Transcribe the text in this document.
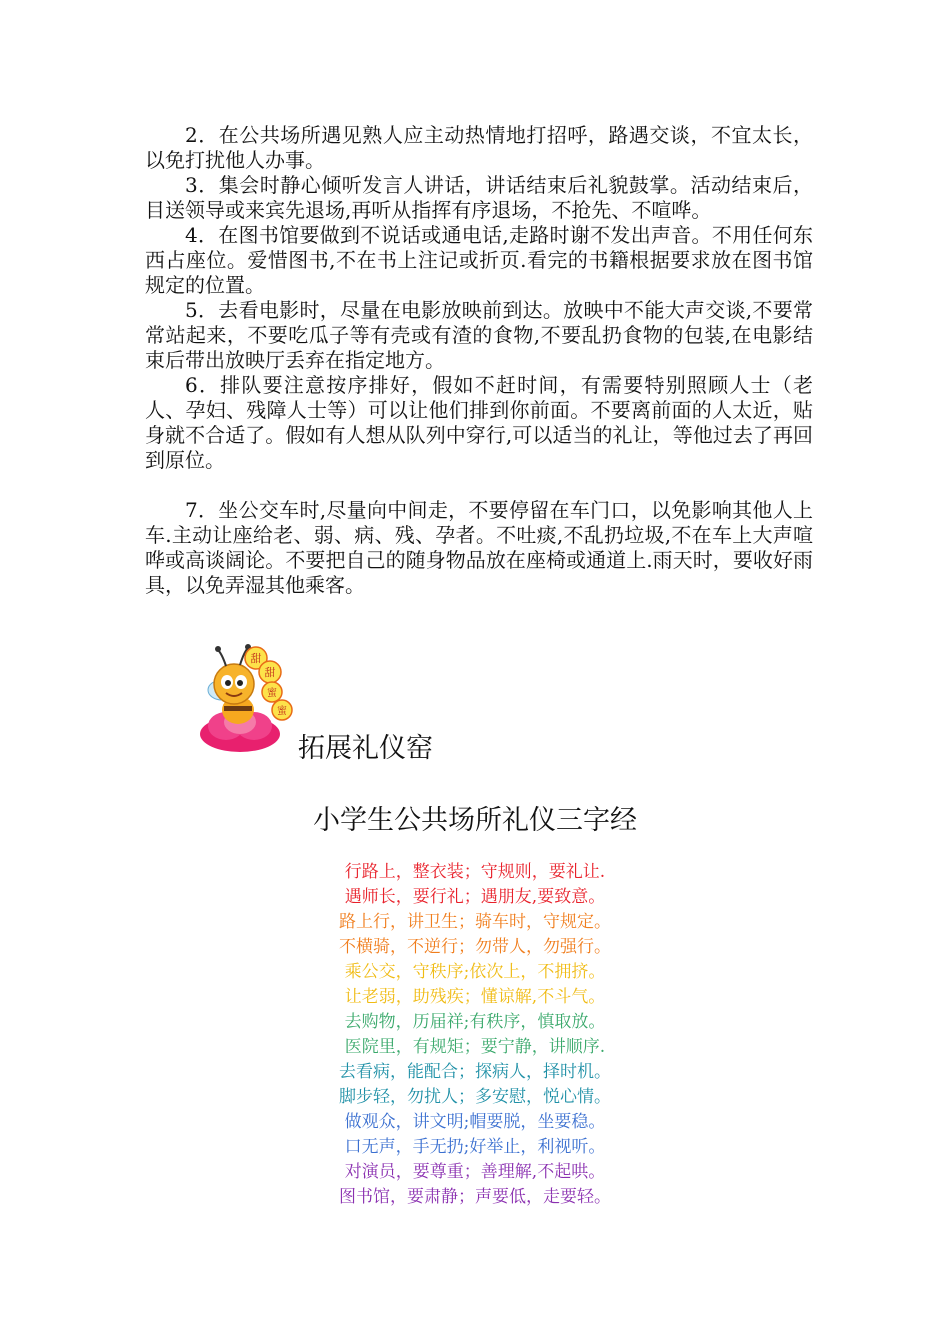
2．在公共场所遇见熟人应主动热情地打招呼，路遇交谈，不宜太长，以免打扰他人办事。

3．集会时静心倾听发言人讲话，讲话结束后礼貌鼓掌。活动结束后，目送领导或来宾先退场,再听从指挥有序退场，不抢先、不喧哗。

4．在图书馆要做到不说话或通电话,走路时谢不发出声音。不用任何东西占座位。爱惜图书,不在书上注记或折页.看完的书籍根据要求放在图书馆规定的位置。

5．去看电影时，尽量在电影放映前到达。放映中不能大声交谈,不要常常站起来，不要吃瓜子等有壳或有渣的食物,不要乱扔食物的包装,在电影结束后带出放映厅丢弃在指定地方。

6．排队要注意按序排好，假如不赶时间，有需要特别照顾人士（老人、孕妇、残障人士等）可以让他们排到你前面。不要离前面的人太近，贴身就不合适了。假如有人想从队列中穿行,可以适当的礼让，等他过去了再回到原位。

7．坐公交车时,尽量向中间走，不要停留在车门口，以免影响其他人上车.主动让座给老、弱、病、残、孕者。不吐痰,不乱扔垃圾,不在车上大声喧哗或高谈阔论。不要把自己的随身物品放在座椅或通道上.雨天时，要收好雨具，以免弄湿其他乘客。

甜
甜
蜜
蜜
拓展礼仪窑
小学生公共场所礼仪三字经
行路上，整衣装；守规则，要礼让.
遇师长，要行礼；遇朋友,要致意。
路上行，讲卫生；骑车时，守规定。
不横骑，不逆行；勿带人，勿强行。
乘公交，守秩序;依次上，不拥挤。
让老弱，助残疾；懂谅解,不斗气。
去购物，历届祥;有秩序，慎取放。
医院里，有规矩；要宁静，讲顺序.
去看病，能配合；探病人，择时机。
脚步轻，勿扰人；多安慰，悦心情。
做观众，讲文明;帽要脱，坐要稳。
口无声，手无扔;好举止，利视听。
对演员，要尊重；善理解,不起哄。
图书馆，要肃静；声要低，走要轻。
